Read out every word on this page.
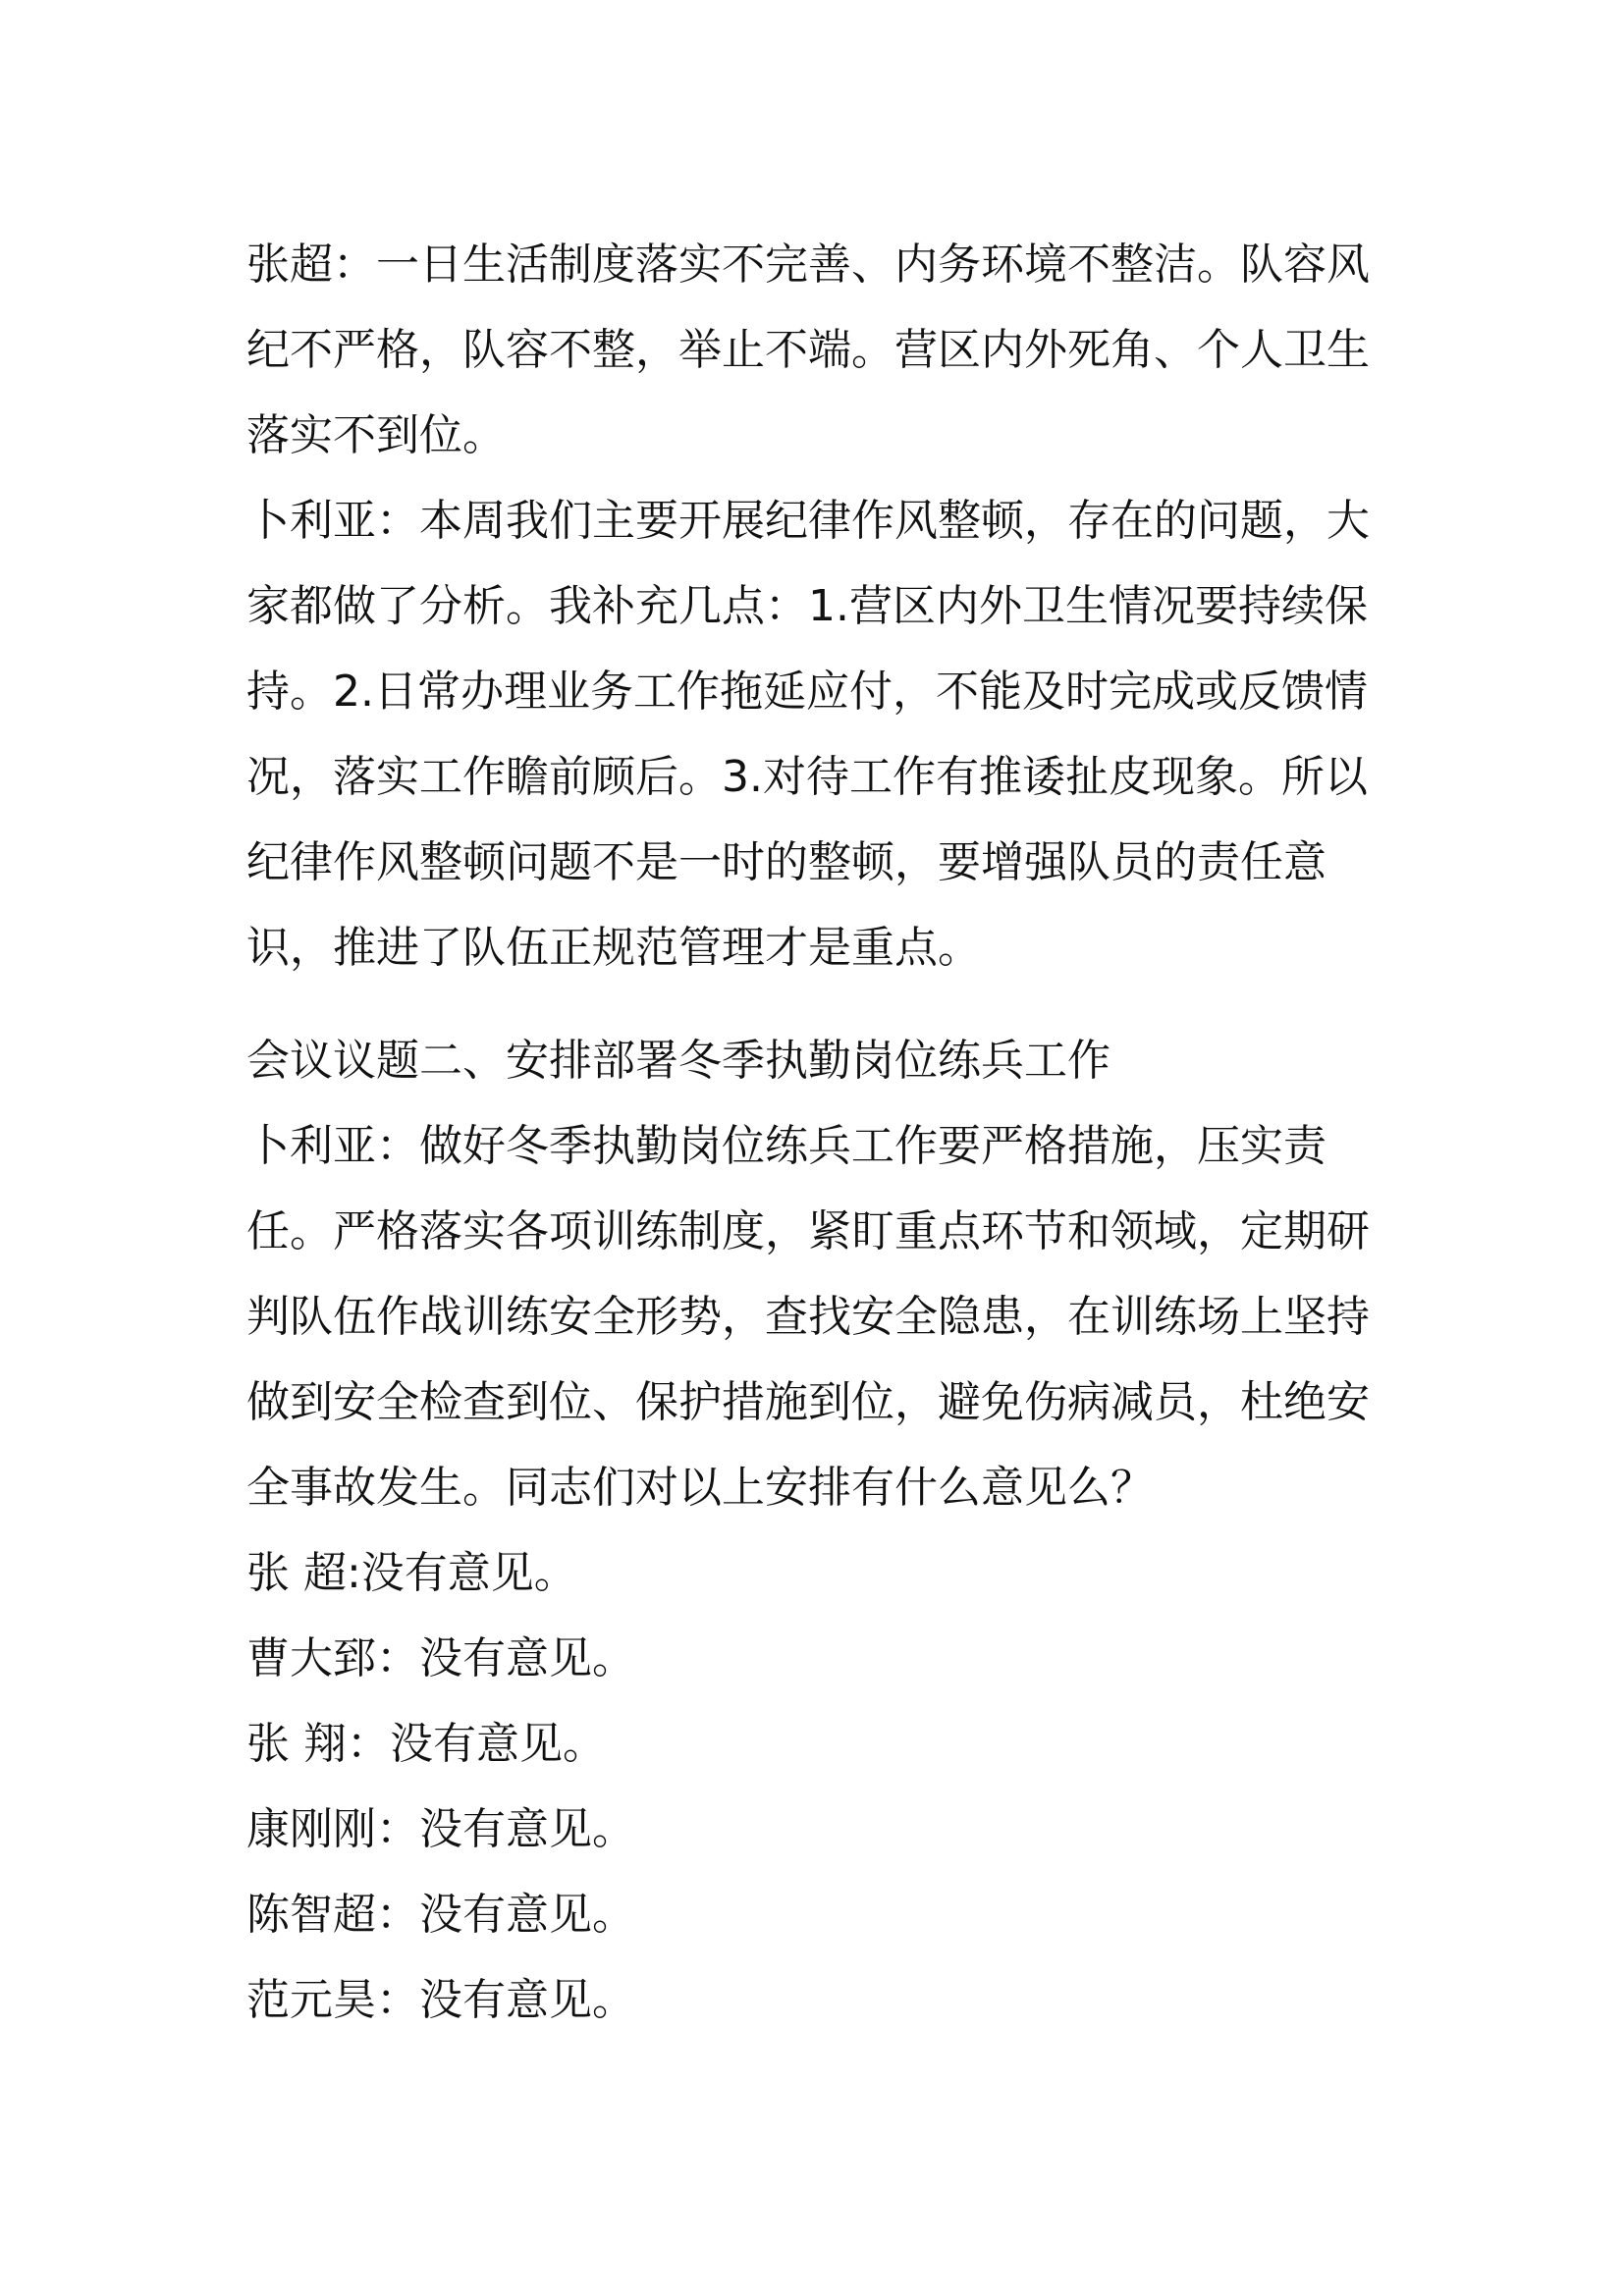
张超：一日生活制度落实不完善、内务环境不整洁。队容风纪不严格，队容不整，举止不端。营区内外死角、个人卫生落实不到位。

卜利亚：本周我们主要开展纪律作风整顿，存在的问题，大家都做了分析。我补充几点：1.营区内外卫生情况要持续保持。2.日常办理业务工作拖延应付，不能及时完成或反馈情况，落实工作瞻前顾后。3.对待工作有推诿扯皮现象。所以纪律作风整顿问题不是一时的整顿，要增强队员的责任意识，推进了队伍正规范管理才是重点。

会议议题二、安排部署冬季执勤岗位练兵工作

卜利亚：做好冬季执勤岗位练兵工作要严格措施，压实责任。严格落实各项训练制度，紧盯重点环节和领域，定期研判队伍作战训练安全形势，查找安全隐患，在训练场上坚持做到安全检查到位、保护措施到位，避免伤病减员，杜绝安全事故发生。同志们对以上安排有什么意见么？

张 超:没有意见。

曹大郅：没有意见。

张 翔：没有意见。

康刚刚：没有意见。

陈智超：没有意见。

范元昊：没有意见。
